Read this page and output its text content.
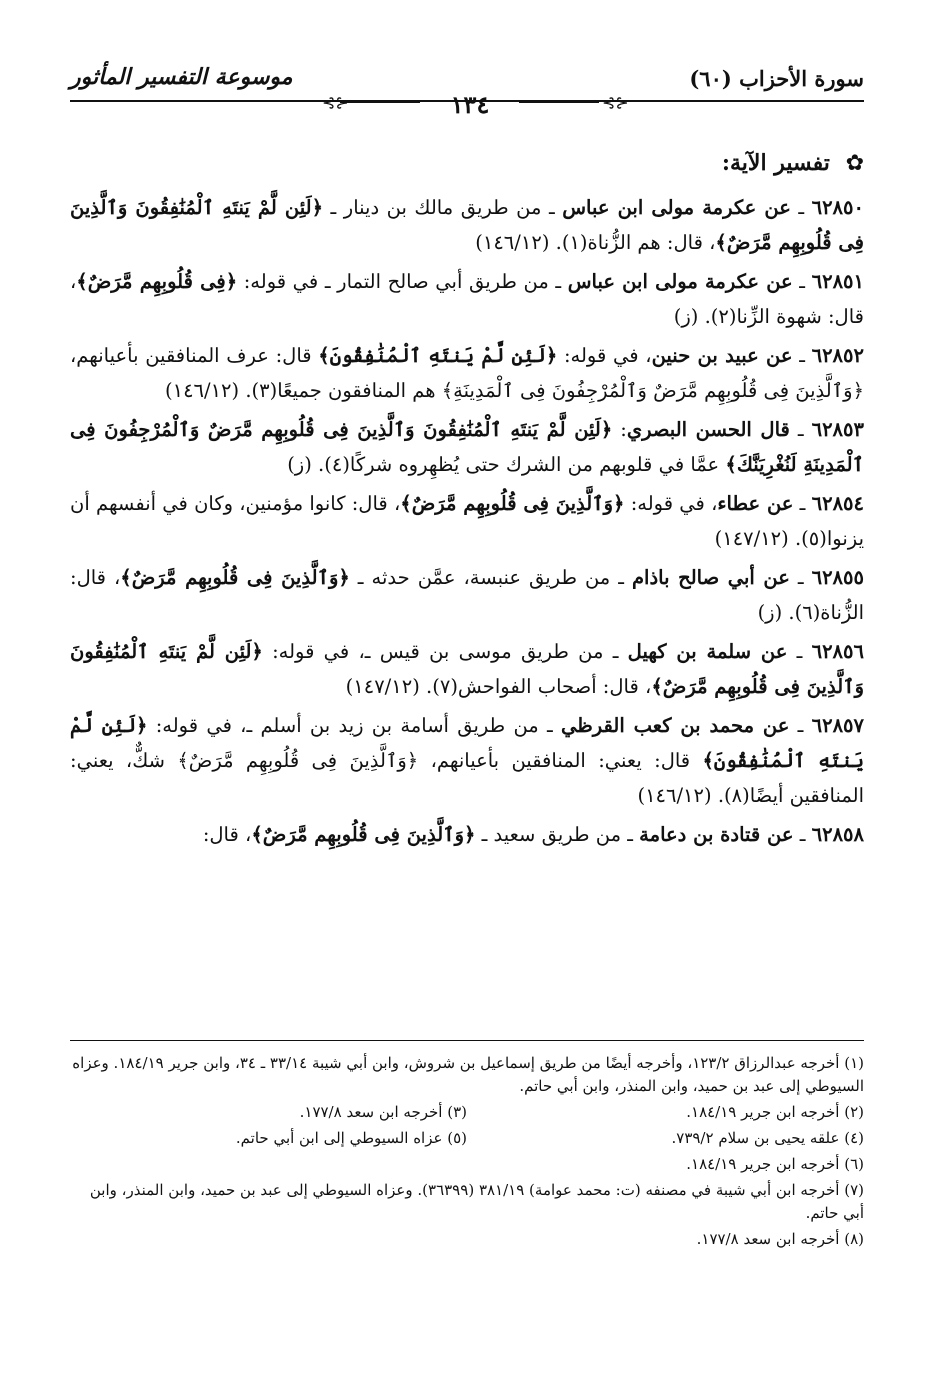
سورة الأحزاب (٦٠)
موسوعة التفسير المأثور
⊰⊱	١٣٤	⊰⊱
✿ تفسير الآية:

٦٢٨٥٠ ـ عن عكرمة مولى ابن عباس ـ من طريق مالك بن دينار ـ ﴿لَئِن لَّمْ يَنتَهِ ٱلْمُنَٰفِقُونَ وَٱلَّذِينَ فِى قُلُوبِهِم مَّرَضٌ﴾، قال: هم الزُّناة(١). (١٤٦/١٢)

٦٢٨٥١ ـ عن عكرمة مولى ابن عباس ـ من طريق أبي صالح التمار ـ في قوله: ﴿فِى قُلُوبِهِم مَّرَضٌ﴾، قال: شهوة الزِّنا(٢). (ز)

٦٢٨٥٢ ـ عن عبيد بن حنين، في قوله: ﴿لَئِن لَّمْ يَنتَهِ ٱلْمُنَٰفِقُونَ﴾ قال: عرف المنافقين بأعيانهم، ﴿وَٱلَّذِينَ فِى قُلُوبِهِم مَّرَضٌ وَٱلْمُرْجِفُونَ فِى ٱلْمَدِينَةِ﴾ هم المنافقون جميعًا(٣). (١٤٦/١٢)

٦٢٨٥٣ ـ قال الحسن البصري: ﴿لَئِن لَّمْ يَنتَهِ ٱلْمُنَٰفِقُونَ وَٱلَّذِينَ فِى قُلُوبِهِم مَّرَضٌ وَٱلْمُرْجِفُونَ فِى ٱلْمَدِينَةِ لَنُغْرِيَنَّكَ﴾ عمَّا في قلوبهم من الشرك حتى يُظهِروه شركًا(٤). (ز)

٦٢٨٥٤ ـ عن عطاء، في قوله: ﴿وَٱلَّذِينَ فِى قُلُوبِهِم مَّرَضٌ﴾، قال: كانوا مؤمنين، وكان في أنفسهم أن يزنوا(٥). (١٤٧/١٢)

٦٢٨٥٥ ـ عن أبي صالح باذام ـ من طريق عنبسة، عمَّن حدثه ـ ﴿وَٱلَّذِينَ فِى قُلُوبِهِم مَّرَضٌ﴾، قال: الزُّناة(٦). (ز)

٦٢٨٥٦ ـ عن سلمة بن كهيل ـ من طريق موسى بن قيس ـ، في قوله: ﴿لَئِن لَّمْ يَنتَهِ ٱلْمُنَٰفِقُونَ وَٱلَّذِينَ فِى قُلُوبِهِم مَّرَضٌ﴾، قال: أصحاب الفواحش(٧). (١٤٧/١٢)

٦٢٨٥٧ ـ عن محمد بن كعب القرظي ـ من طريق أسامة بن زيد بن أسلم ـ، في قوله: ﴿لَئِن لَّمْ يَنتَهِ ٱلْمُنَٰفِقُونَ﴾ قال: يعني: المنافقين بأعيانهم، ﴿وَٱلَّذِينَ فِى قُلُوبِهِم مَّرَضٌ﴾ شكٌّ، يعني: المنافقين أيضًا(٨). (١٤٦/١٢)

٦٢٨٥٨ ـ عن قتادة بن دعامة ـ من طريق سعيد ـ ﴿وَٱلَّذِينَ فِى قُلُوبِهِم مَّرَضٌ﴾، قال:

(١) أخرجه عبدالرزاق ١٢٣/٢، وأخرجه أيضًا من طريق إسماعيل بن شروش، وابن أبي شيبة ٣٣/١٤ ـ ٣٤، وابن جرير ١٨٤/١٩. وعزاه السيوطي إلى عبد بن حميد، وابن المنذر، وابن أبي حاتم.

(٢) أخرجه ابن جرير ١٨٤/١٩.

(٣) أخرجه ابن سعد ١٧٧/٨.

(٤) علقه يحيى بن سلام ٧٣٩/٢.

(٥) عزاه السيوطي إلى ابن أبي حاتم.

(٦) أخرجه ابن جرير ١٨٤/١٩.

(٧) أخرجه ابن أبي شيبة في مصنفه (ت: محمد عوامة) ٣٨١/١٩ (٣٦٣٩٩). وعزاه السيوطي إلى عبد بن حميد، وابن المنذر، وابن أبي حاتم.

(٨) أخرجه ابن سعد ١٧٧/٨.
